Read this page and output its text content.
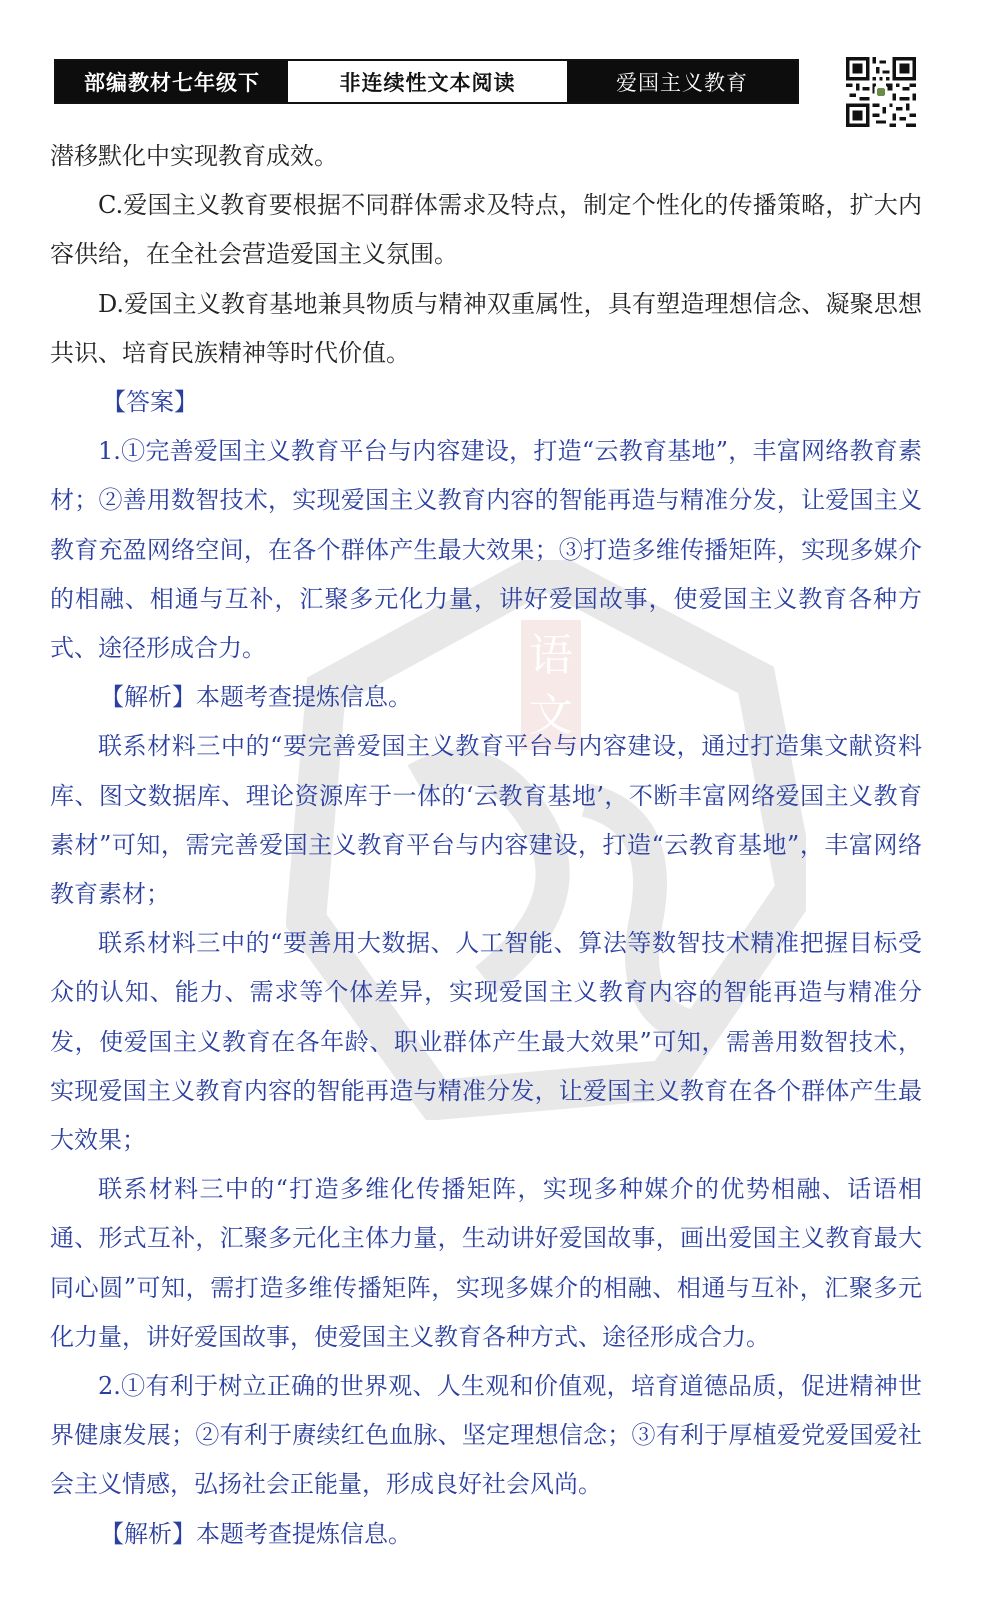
部编教材七年级下	非连续性文本阅读	爱国主义教育
语
文

潜移默化中实现教育成效。

C.爱国主义教育要根据不同群体需求及特点，制定个性化的传播策略，扩大内容供给，在全社会营造爱国主义氛围。

D.爱国主义教育基地兼具物质与精神双重属性，具有塑造理想信念、凝聚思想共识、培育民族精神等时代价值。

【答案】

1.①完善爱国主义教育平台与内容建设，打造“云教育基地”，丰富网络教育素材；②善用数智技术，实现爱国主义教育内容的智能再造与精准分发，让爱国主义教育充盈网络空间，在各个群体产生最大效果；③打造多维传播矩阵，实现多媒介的相融、相通与互补，汇聚多元化力量，讲好爱国故事，使爱国主义教育各种方式、途径形成合力。

【解析】本题考查提炼信息。

联系材料三中的“要完善爱国主义教育平台与内容建设，通过打造集文献资料库、图文数据库、理论资源库于一体的‘云教育基地’，不断丰富网络爱国主义教育素材”可知，需完善爱国主义教育平台与内容建设，打造“云教育基地”，丰富网络教育素材；

联系材料三中的“要善用大数据、人工智能、算法等数智技术精准把握目标受众的认知、能力、需求等个体差异，实现爱国主义教育内容的智能再造与精准分发，使爱国主义教育在各年龄、职业群体产生最大效果”可知，需善用数智技术，实现爱国主义教育内容的智能再造与精准分发，让爱国主义教育在各个群体产生最大效果；

联系材料三中的“打造多维化传播矩阵，实现多种媒介的优势相融、话语相通、形式互补，汇聚多元化主体力量，生动讲好爱国故事，画出爱国主义教育最大同心圆”可知，需打造多维传播矩阵，实现多媒介的相融、相通与互补，汇聚多元化力量，讲好爱国故事，使爱国主义教育各种方式、途径形成合力。

2.①有利于树立正确的世界观、人生观和价值观，培育道德品质，促进精神世界健康发展；②有利于赓续红色血脉、坚定理想信念；③有利于厚植爱党爱国爱社会主义情感，弘扬社会正能量，形成良好社会风尚。

【解析】本题考查提炼信息。
